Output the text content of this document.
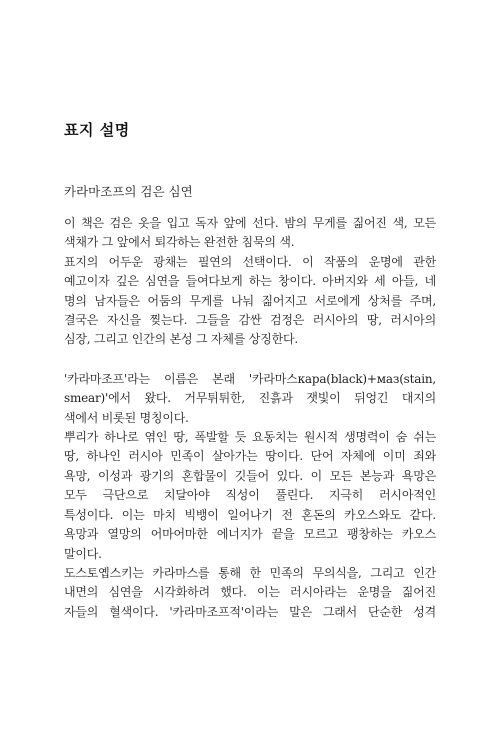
표지 설명
카라마조프의 검은 심연
이 책은 검은 옷을 입고 독자 앞에 선다. 밤의 무게를 짊어진 색, 모든
색채가 그 앞에서 퇴각하는 완전한 침묵의 색.
표지의 어두운 광채는 필연의 선택이다. 이 작품의 운명에 관한
예고이자 깊은 심연을 들여다보게 하는 창이다. 아버지와 세 아들, 네
명의 남자들은 어둠의 무게를 나눠 짊어지고 서로에게 상처를 주며,
결국은 자신을 찢는다. 그들을 감싼 검정은 러시아의 땅, 러시아의
심장, 그리고 인간의 본성 그 자체를 상징한다.
'카라마조프'라는 이름은 본래 '카라마스кара(black)+маз(stain,
smear)'에서 왔다. 거무튀튀한, 진흙과 잿빛이 뒤엉긴 대지의
색에서 비롯된 명칭이다.
뿌리가 하나로 엮인 땅, 폭발할 듯 요동치는 원시적 생명력이 숨 쉬는
땅, 하나인 러시아 민족이 살아가는 땅이다. 단어 자체에 이미 죄와
욕망, 이성과 광기의 혼합물이 깃들어 있다. 이 모든 본능과 욕망은
모두 극단으로 치달아야 직성이 풀린다. 지극히 러시아적인
특성이다. 이는 마치 빅뱅이 일어나기 전 혼돈의 카오스와도 같다.
욕망과 열망의 어마어마한 에너지가 끝을 모르고 팽창하는 카오스
말이다.
도스토옙스키는 카라마스를 통해 한 민족의 무의식을, 그리고 인간
내면의 심연을 시각화하려 했다. 이는 러시아라는 운명을 짊어진
자들의 혈색이다. '카라마조프적'이라는 말은 그래서 단순한 성격
